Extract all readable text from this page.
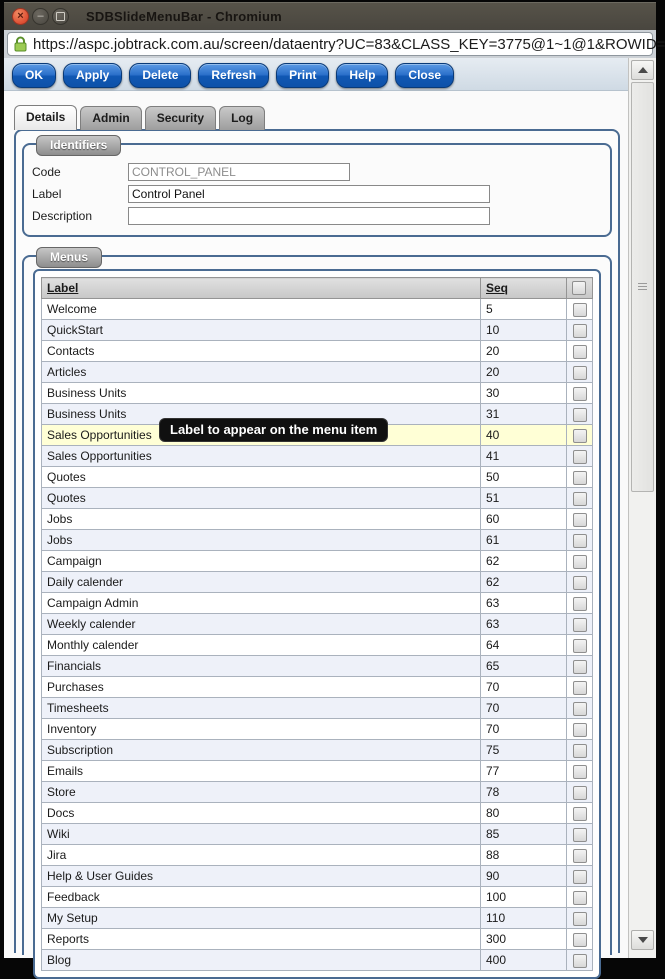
×	–	SDBSlideMenuBar - Chromium
https://aspc.jobtrack.com.au/screen/dataentry?UC=83&CLASS_KEY=3775@1~1@1&ROWID=
OK	Apply	Delete	Refresh	Print	Help	Close
Details Admin Security Log
Identifiers
Code
CONTROL_PANEL
Label
Control Panel
Description
Menus
Label	Seq	
Welcome	5	
QuickStart	10	
Contacts	20	
Articles	20	
Business Units	30	
Business Units	31	
Sales Opportunities	40	
Sales Opportunities	41	
Quotes	50	
Quotes	51	
Jobs	60	
Jobs	61	
Campaign	62	
Daily calender	62	
Campaign Admin	63	
Weekly calender	63	
Monthly calender	64	
Financials	65	
Purchases	70	
Timesheets	70	
Inventory	70	
Subscription	75	
Emails	77	
Store	78	
Docs	80	
Wiki	85	
Jira	88	
Help & User Guides	90	
Feedback	100	
My Setup	110	
Reports	300	
Blog	400	
Label to appear on the menu item
